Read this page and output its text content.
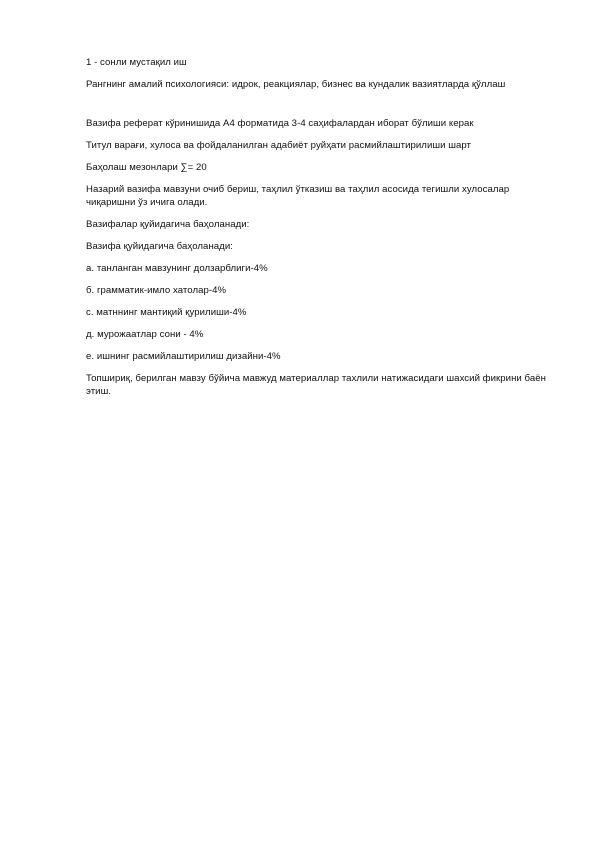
1 - сонли мустақил иш

Рангнинг амалий психологияси: идрок, реакциялар, бизнес ва кундалик вазиятларда қўллаш

Вазифа реферат кўринишида А4 форматида 3-4 саҳифалардан иборат бўлиши керак

Титул варағи, хулоса ва фойдаланилган адабиёт руйҳати расмийлаштирилиши шарт

Баҳолаш мезонлари ∑= 20

Назарий вазифа мавзуни очиб бериш, таҳлил ўтказиш ва таҳлил асосида тегишли хулосалар чиқаришни ўз ичига олади.

Вазифалар қуйидагича баҳоланади:

Вазифа қуйидагича баҳоланади:

а. танланган мавзунинг долзарблиги-4%

б. грамматик-имло хатолар-4%

с. матннинг мантиқий қурилиши-4%

д. мурожаатлар сони - 4%

е. ишнинг расмийлаштирилиш дизайни-4%

Топшириқ, берилган мавзу бўйича мавжуд материаллар тахлили натижасидаги шахсий фикрини баён этиш.
